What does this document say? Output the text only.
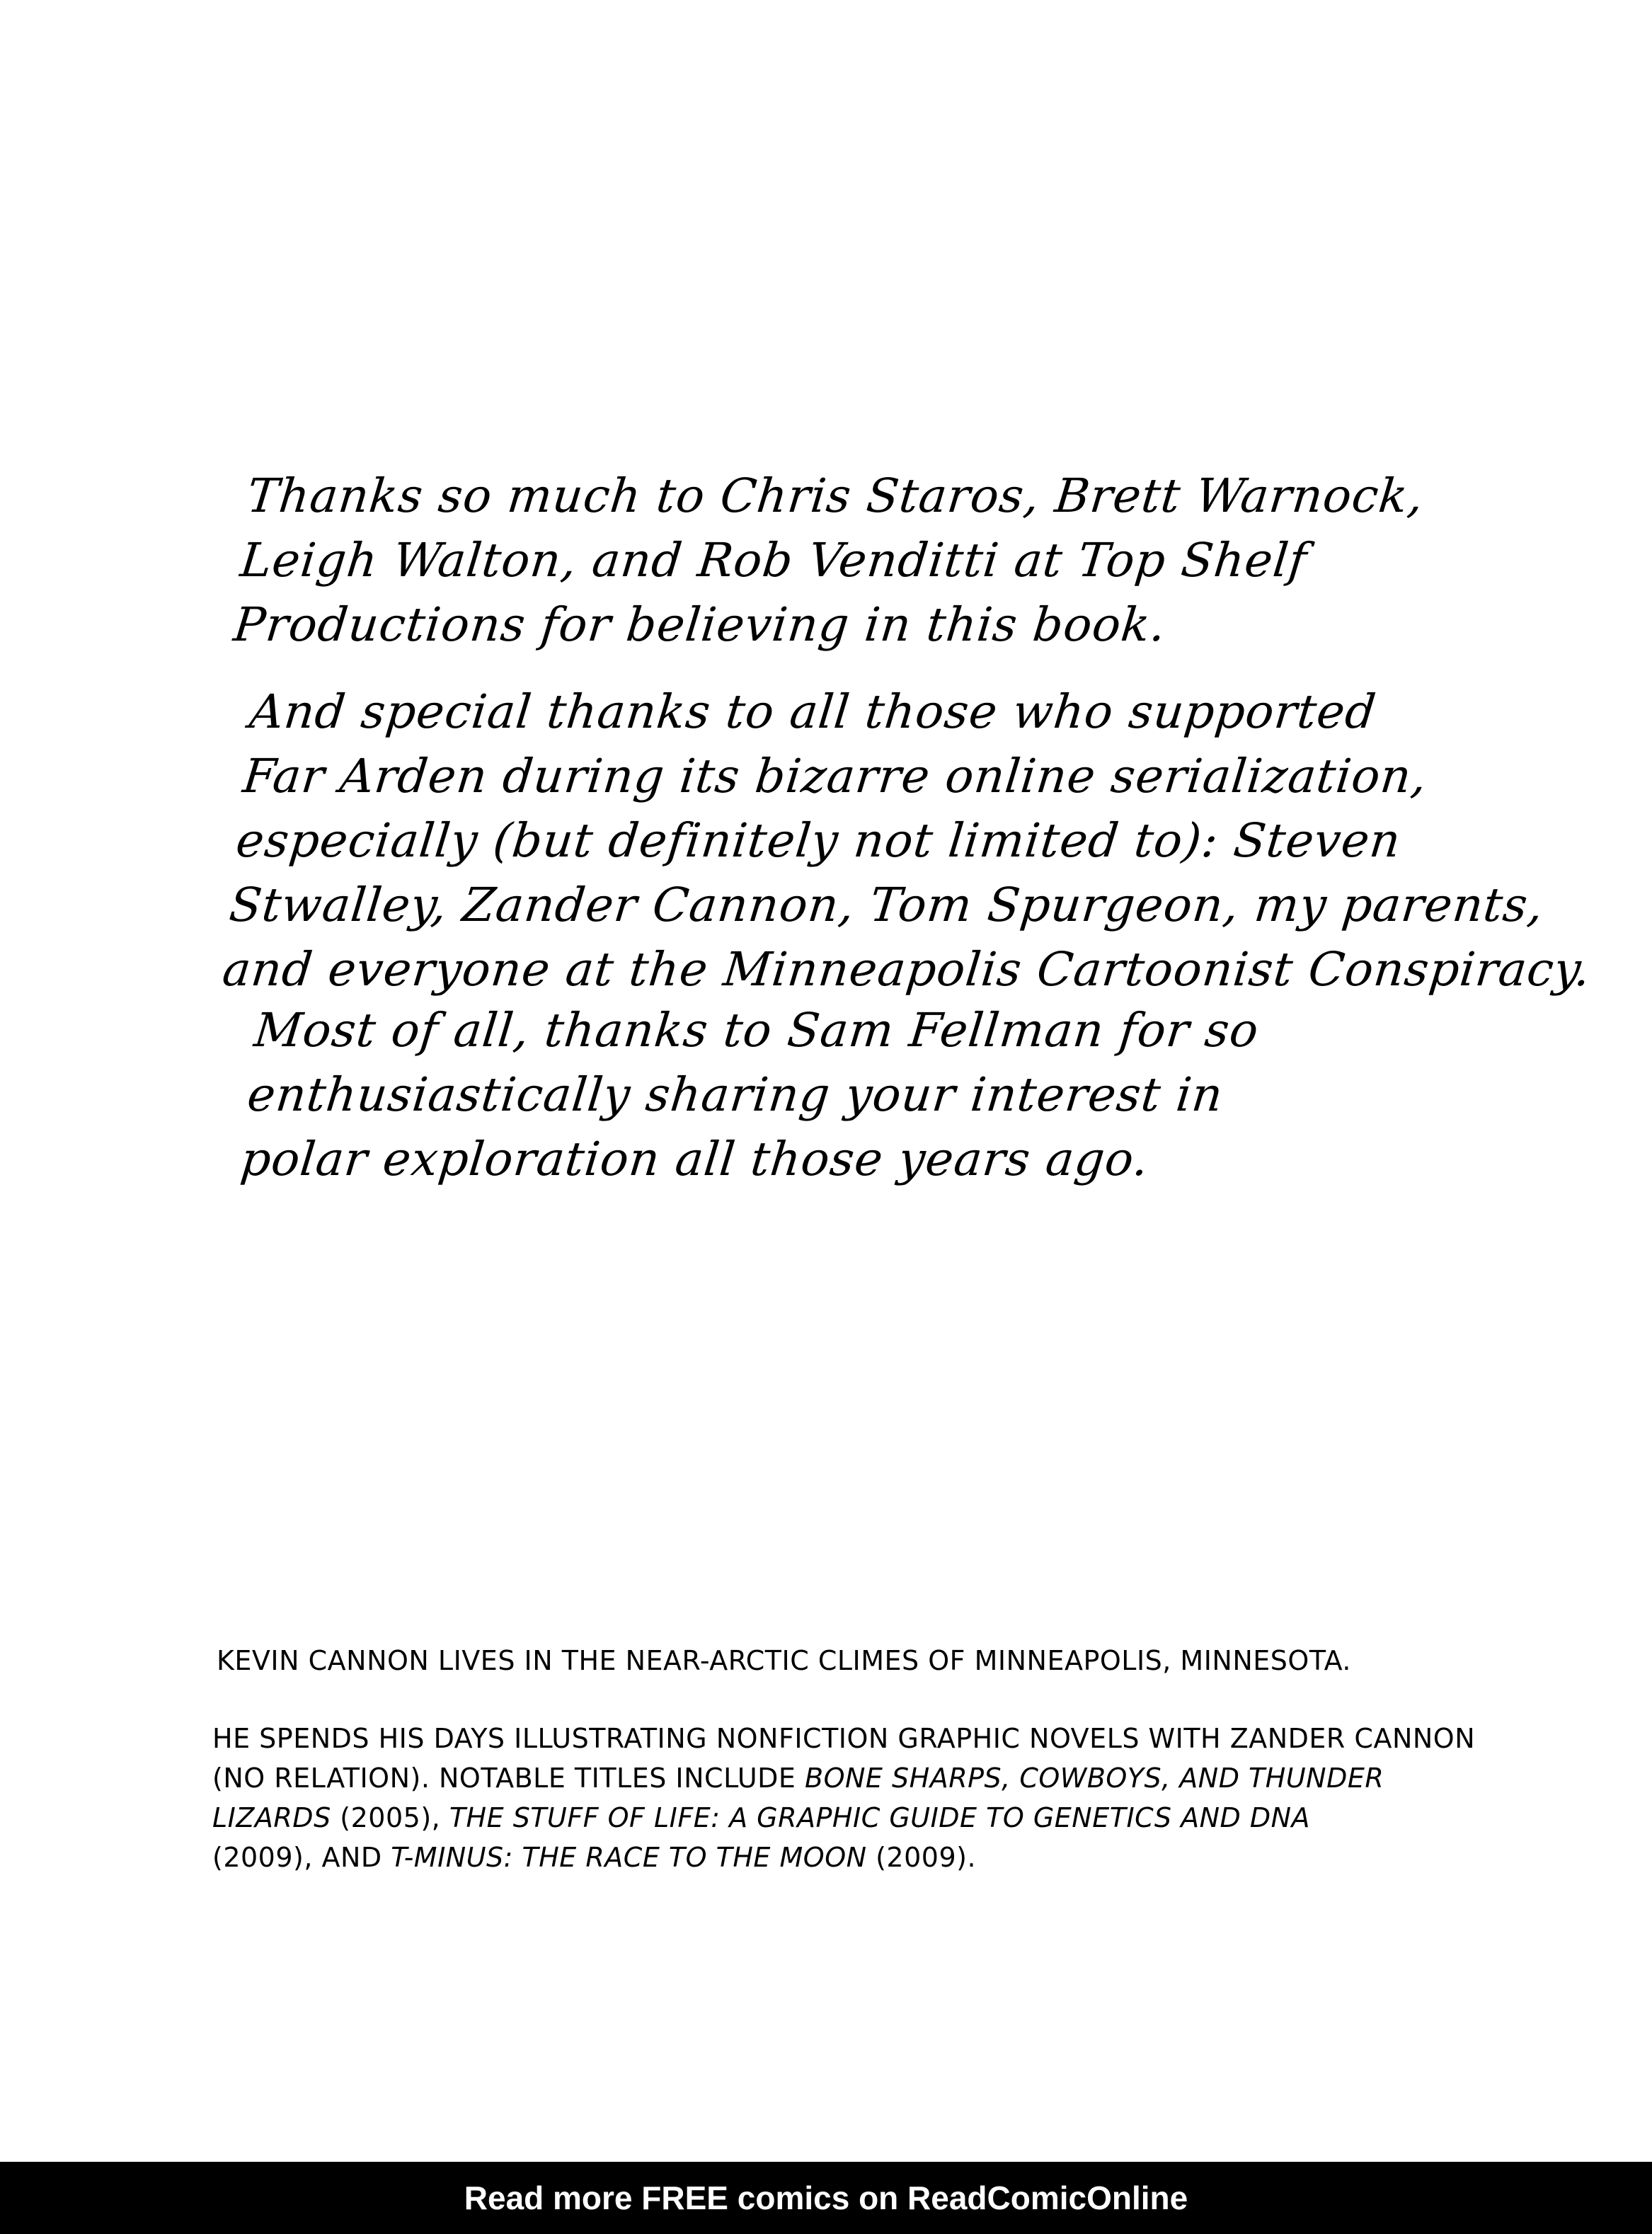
Thanks so much to Chris Staros, Brett Warnock,
Leigh Walton, and Rob Venditti at Top Shelf
Productions for believing in this book.

And special thanks to all those who supported
Far Arden during its bizarre online serialization,
especially (but definitely not limited to): Steven
Stwalley, Zander Cannon, Tom Spurgeon, my parents,
and everyone at the Minneapolis Cartoonist Conspiracy.

Most of all, thanks to Sam Fellman for so
enthusiastically sharing your interest in
polar exploration all those years ago.

KEVIN CANNON LIVES IN THE NEAR-ARCTIC CLIMES OF MINNEAPOLIS, MINNESOTA.

HE SPENDS HIS DAYS ILLUSTRATING NONFICTION GRAPHIC NOVELS WITH ZANDER CANNON
(NO RELATION). NOTABLE TITLES INCLUDE BONE SHARPS, COWBOYS, AND THUNDER
LIZARDS (2005), THE STUFF OF LIFE: A GRAPHIC GUIDE TO GENETICS AND DNA
(2009), AND T-MINUS: THE RACE TO THE MOON (2009).

Read more FREE comics on ReadComicOnline
